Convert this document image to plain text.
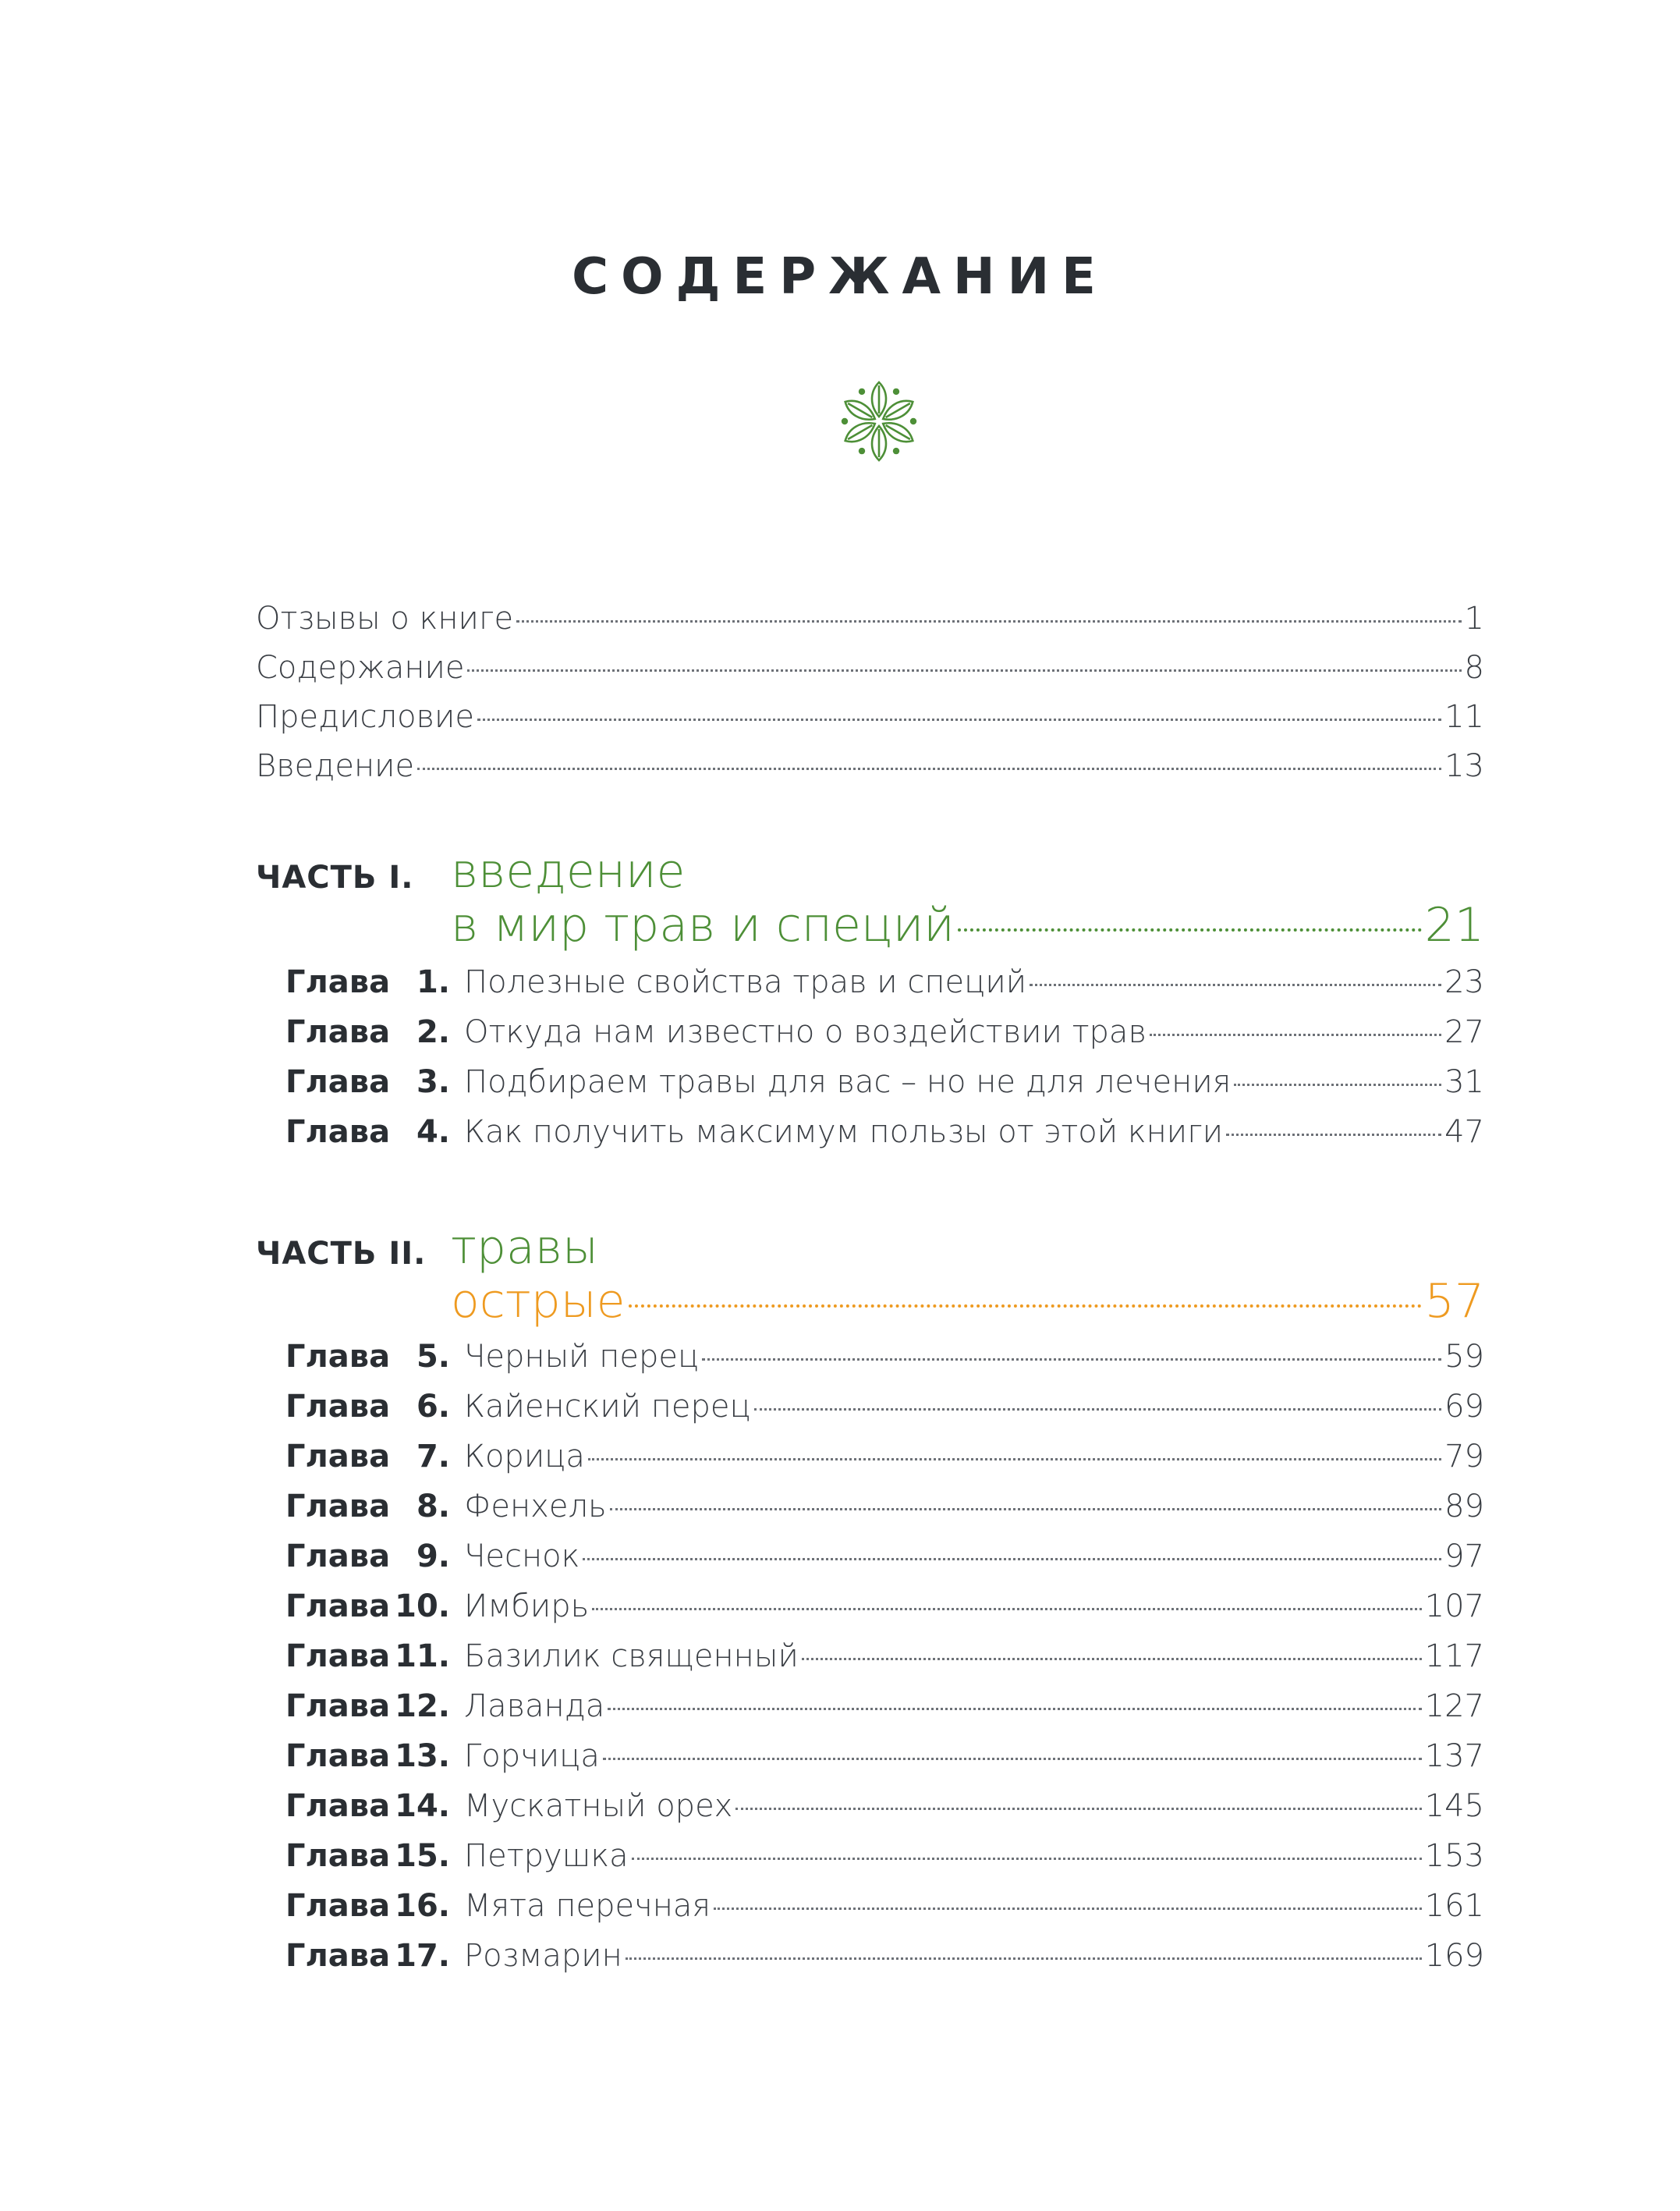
СОДЕРЖАНИЕ
Отзывы о книге	1
Содержание	8
Предисловие	11
Введение	13
ЧАСТЬ I. введение
в мир трав и специй	21
Глава 1. Полезные свойства трав и специй	23
Глава 2. Откуда нам известно о воздействии трав	27
Глава 3. Подбираем травы для вас – но не для лечения	31
Глава 4. Как получить максимум пользы от этой книги	47
ЧАСТЬ II. травы
острые	57
Глава 5. Черный перец	59
Глава 6. Кайенский перец	69
Глава 7. Корица	79
Глава 8. Фенхель	89
Глава 9. Чеснок	97
Глава 10. Имбирь	107
Глава 11. Базилик священный	117
Глава 12. Лаванда	127
Глава 13. Горчица	137
Глава 14. Мускатный орех	145
Глава 15. Петрушка	153
Глава 16. Мята перечная	161
Глава 17. Розмарин	169
